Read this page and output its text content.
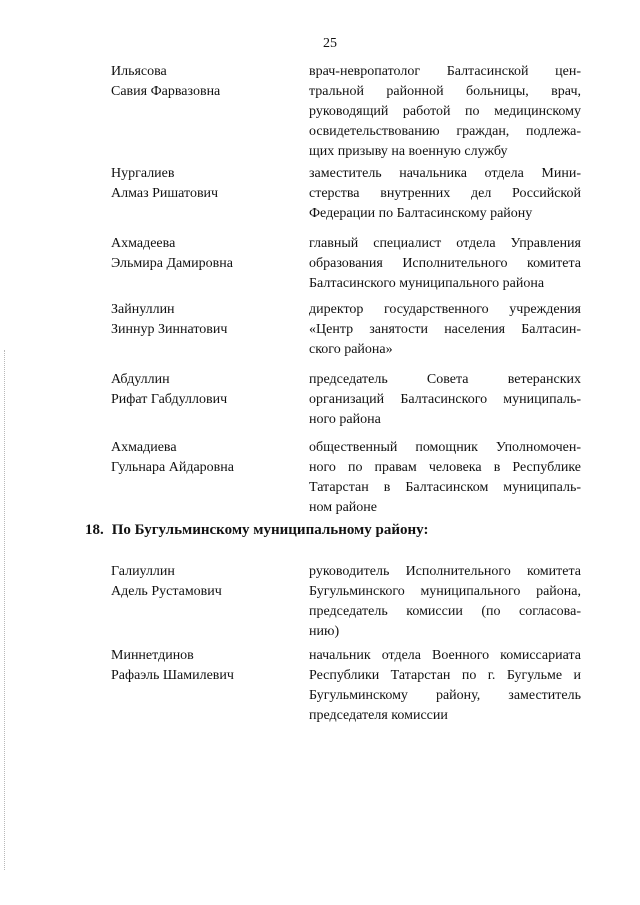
25
Ильясова
Савия Фарвазовна
врач-невропатолог Балтасинской цен-
тральной районной больницы, врач,
руководящий работой по медицинскому
освидетельствованию граждан, подлежа-
щих призыву на военную службу
Нургалиев
Алмаз Ришатович
заместитель начальника отдела Мини-
стерства внутренних дел Российской
Федерации по Балтасинскому району
Ахмадеева
Эльмира Дамировна
главный специалист отдела Управления
образования Исполнительного комитета
Балтасинского муниципального района
Зайнуллин
Зиннур Зиннатович
директор государственного учреждения
«Центр занятости населения Балтасин-
ского района»
Абдуллин
Рифат Габдуллович
председатель Совета ветеранских
организаций Балтасинского муниципаль-
ного района
Ахмадиева
Гульнара Айдаровна
общественный помощник Уполномочен-
ного по правам человека в Республике
Татарстан в Балтасинском муниципаль-
ном районе
18. По Бугульминскому муниципальному району:
Галиуллин
Адель Рустамович
руководитель Исполнительного комитета
Бугульминского муниципального района,
председатель комиссии (по согласова-
нию)
Миннетдинов
Рафаэль Шамилевич
начальник отдела Военного комиссариата
Республики Татарстан по г. Бугульме и
Бугульминскому району, заместитель
председателя комиссии
